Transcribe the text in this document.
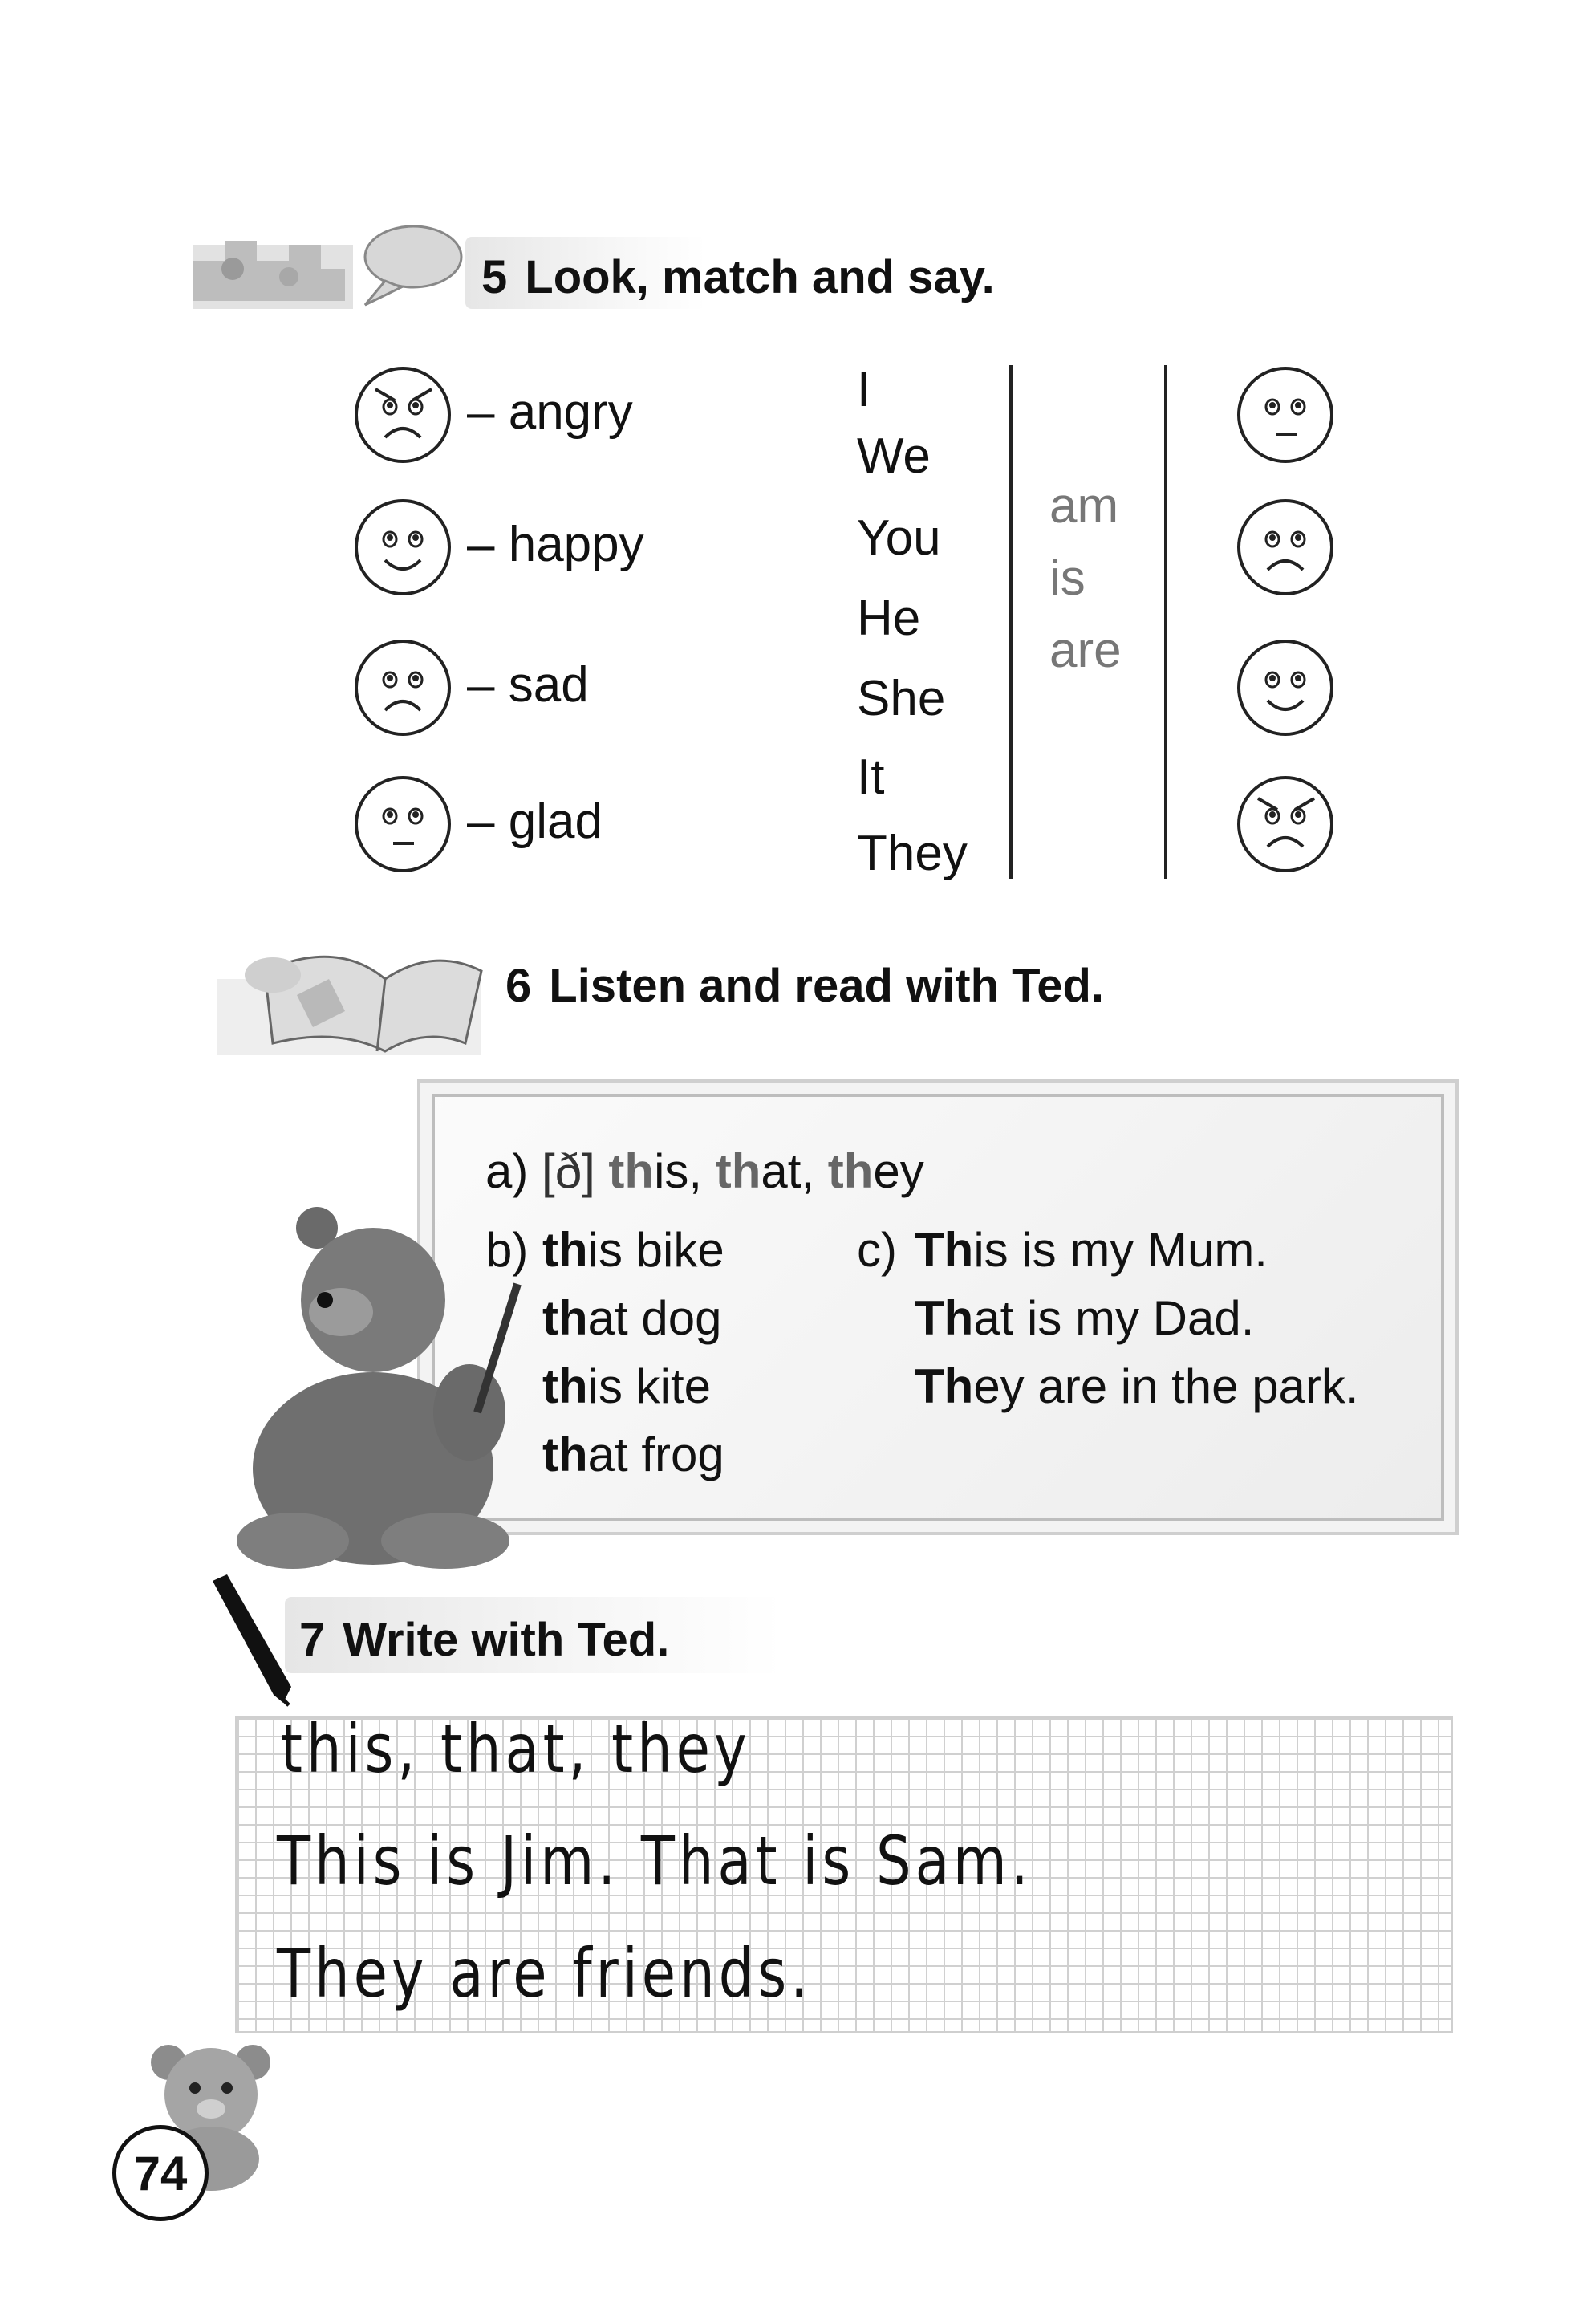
5 Look, match and say.
– angry
– happy
– sad
– glad
I
We
You
He
She
It
They
am
is
are
6 Listen and read with Ted.
a) [ð] this, that, they
b) this bike
that dog
this kite
that frog
c) This is my Mum.
That is my Dad.
They are in the park.
7 Write with Ted.
this, that, they
This is Jim. That is Sam.
They are friends.
74
